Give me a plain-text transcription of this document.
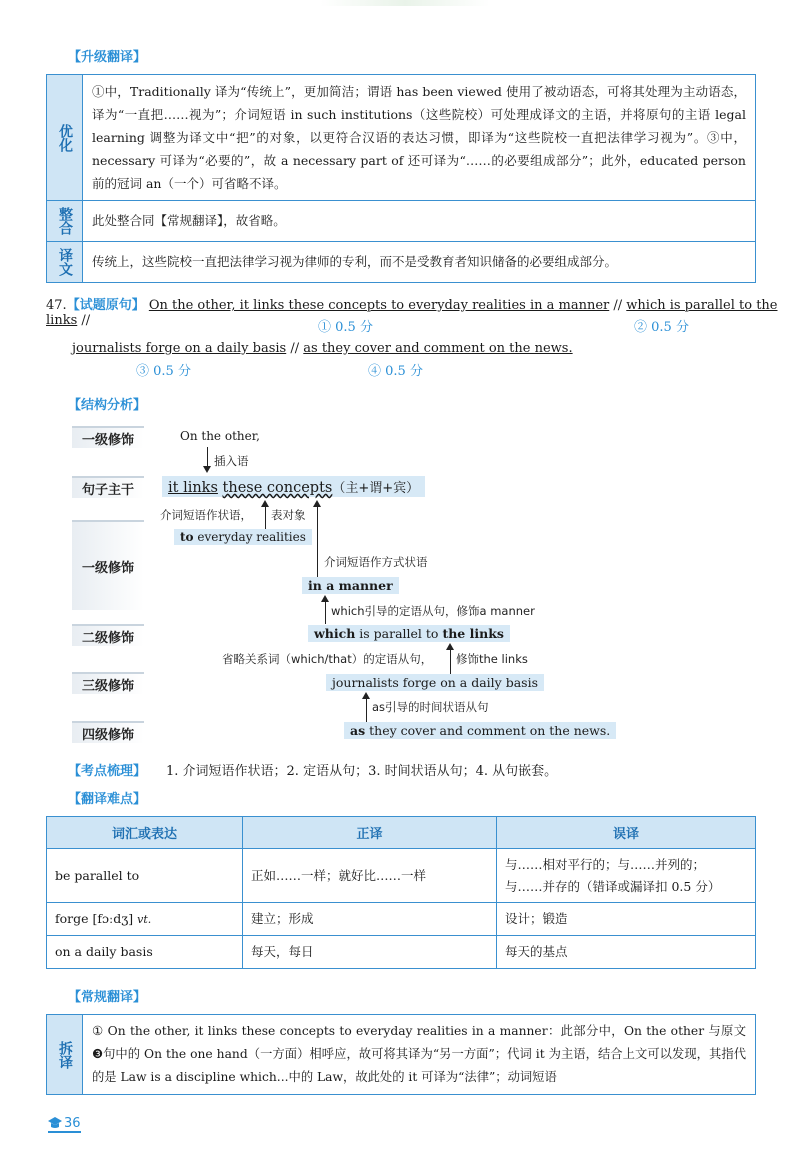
【升级翻译】
优化
①中，Traditionally 译为“传统上”，更加简洁；谓语 has been viewed 使用了被动语态，可将其处理为主动语态，译为“一直把……视为”；介词短语 in such institutions（这些院校）可处理成译文的主语，并将原句的主语 legal learning 调整为译文中“把”的对象，以更符合汉语的表达习惯，即译为“这些院校一直把法律学习视为”。③中，necessary 可译为“必要的”，故 a necessary part of 还可译为“……的必要组成部分”；此外，educated person 前的冠词 an（一个）可省略不译。
整合	此处整合同【常规翻译】，故省略。
译文	传统上，这些院校一直把法律学习视为律师的专利，而不是受教育者知识储备的必要组成部分。
47.【试题原句】 On the other, it links these concepts to everyday realities in a manner // which is parallel to the links //	① 0.5 分	② 0.5 分
journalists forge on a daily basis // as they cover and comment on the news.
③ 0.5 分	④ 0.5 分
【结构分析】
一级修饰
句子主干
一级修饰
二级修饰
三级修饰
四级修饰
On the other,
插入语
it links these concepts（主+谓+宾）
介词短语作状语， 表对象
to everyday realities
介词短语作方式状语
in a manner
which引导的定语从句，修饰a manner
which is parallel to the links
省略关系词（which/that）的定语从句， 修饰the links
journalists forge on a daily basis
as引导的时间状语从句
as they cover and comment on the news.
【考点梳理】 1. 介词短语作状语；2. 定语从句；3. 时间状语从句；4. 从句嵌套。
【翻译难点】
词汇或表达	正译	误译
be parallel to	正如……一样；就好比……一样	与……相对平行的；与……并列的；
与……并存的（错译或漏译扣 0.5 分）

forge [fɔːdʒ] vt.	建立；形成	设计；锻造
on a daily basis	每天，每日	每天的基点
【常规翻译】
拆译
① On the other, it links these concepts to everyday realities in a manner：此部分中，On the other 与原文 ❸句中的 On the one hand（一方面）相呼应，故可将其译为“另一方面”；代词 it 为主语，结合上文可以发现，其指代的是 Law is a discipline which...中的 Law，故此处的 it 可译为“法律”；动词短语
36
